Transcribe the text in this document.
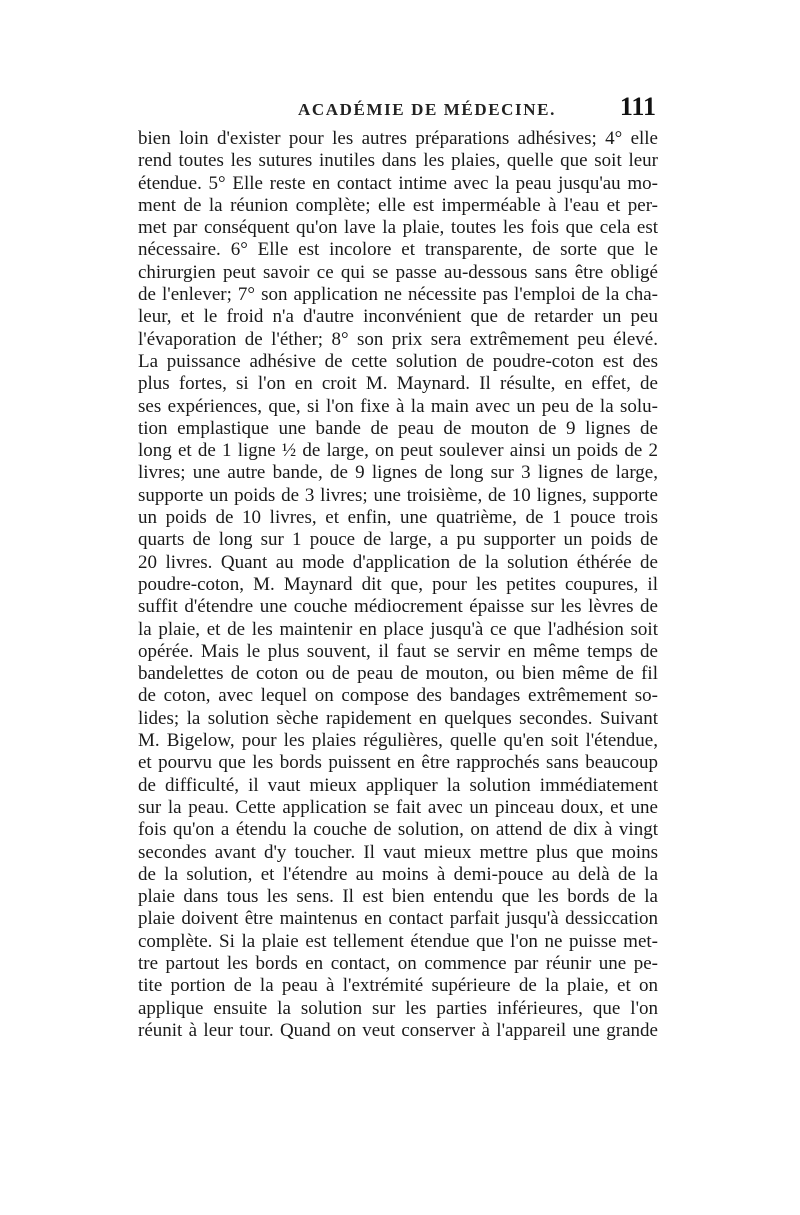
ACADÉMIE DE MÉDECINE. 111
bien loin d'exister pour les autres préparations adhésives; 4° elle
rend toutes les sutures inutiles dans les plaies, quelle que soit leur
étendue. 5° Elle reste en contact intime avec la peau jusqu'au mo-
ment de la réunion complète; elle est imperméable à l'eau et per-
met par conséquent qu'on lave la plaie, toutes les fois que cela est
nécessaire. 6° Elle est incolore et transparente, de sorte que le
chirurgien peut savoir ce qui se passe au-dessous sans être obligé
de l'enlever; 7° son application ne nécessite pas l'emploi de la cha-
leur, et le froid n'a d'autre inconvénient que de retarder un peu
l'évaporation de l'éther; 8° son prix sera extrêmement peu élevé.
La puissance adhésive de cette solution de poudre-coton est des
plus fortes, si l'on en croit M. Maynard. Il résulte, en effet, de
ses expériences, que, si l'on fixe à la main avec un peu de la solu-
tion emplastique une bande de peau de mouton de 9 lignes de
long et de 1 ligne ½ de large, on peut soulever ainsi un poids de 2
livres; une autre bande, de 9 lignes de long sur 3 lignes de large,
supporte un poids de 3 livres; une troisième, de 10 lignes, supporte
un poids de 10 livres, et enfin, une quatrième, de 1 pouce trois
quarts de long sur 1 pouce de large, a pu supporter un poids de
20 livres. Quant au mode d'application de la solution éthérée de
poudre-coton, M. Maynard dit que, pour les petites coupures, il
suffit d'étendre une couche médiocrement épaisse sur les lèvres de
la plaie, et de les maintenir en place jusqu'à ce que l'adhésion soit
opérée. Mais le plus souvent, il faut se servir en même temps de
bandelettes de coton ou de peau de mouton, ou bien même de fil
de coton, avec lequel on compose des bandages extrêmement so-
lides; la solution sèche rapidement en quelques secondes. Suivant
M. Bigelow, pour les plaies régulières, quelle qu'en soit l'étendue,
et pourvu que les bords puissent en être rapprochés sans beaucoup
de difficulté, il vaut mieux appliquer la solution immédiatement
sur la peau. Cette application se fait avec un pinceau doux, et une
fois qu'on a étendu la couche de solution, on attend de dix à vingt
secondes avant d'y toucher. Il vaut mieux mettre plus que moins
de la solution, et l'étendre au moins à demi-pouce au delà de la
plaie dans tous les sens. Il est bien entendu que les bords de la
plaie doivent être maintenus en contact parfait jusqu'à dessiccation
complète. Si la plaie est tellement étendue que l'on ne puisse met-
tre partout les bords en contact, on commence par réunir une pe-
tite portion de la peau à l'extrémité supérieure de la plaie, et on
applique ensuite la solution sur les parties inférieures, que l'on
réunit à leur tour. Quand on veut conserver à l'appareil une grande
